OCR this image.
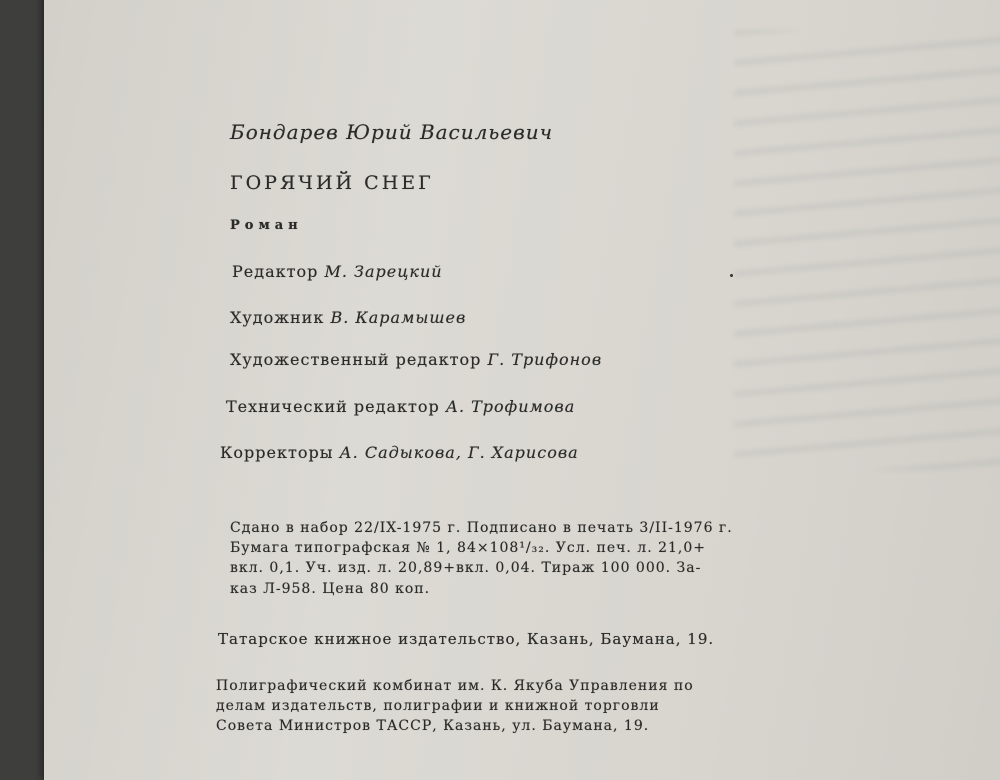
Бондарев Юрий Васильевич
ГОРЯЧИЙ СНЕГ
Роман
Редактор М. Зарецкий
Художник В. Карамышев
Художественный редактор Г. Трифонов
Технический редактор А. Трофимова
Корректоры А. Садыкова, Г. Харисова
Сдано в набор 22/IX-1975 г. Подписано в печать 3/II-1976 г.
Бумага типографская № 1, 84×108¹/₃₂. Усл. печ. л. 21,0+
вкл. 0,1. Уч. изд. л. 20,89+вкл. 0,04. Тираж 100 000. За-
каз Л-958. Цена 80 коп.
Татарское книжное издательство, Казань, Баумана, 19.
Полиграфический комбинат им. К. Якуба Управления по
делам издательств, полиграфии и книжной торговли
Совета Министров ТАССР, Казань, ул. Баумана, 19.
